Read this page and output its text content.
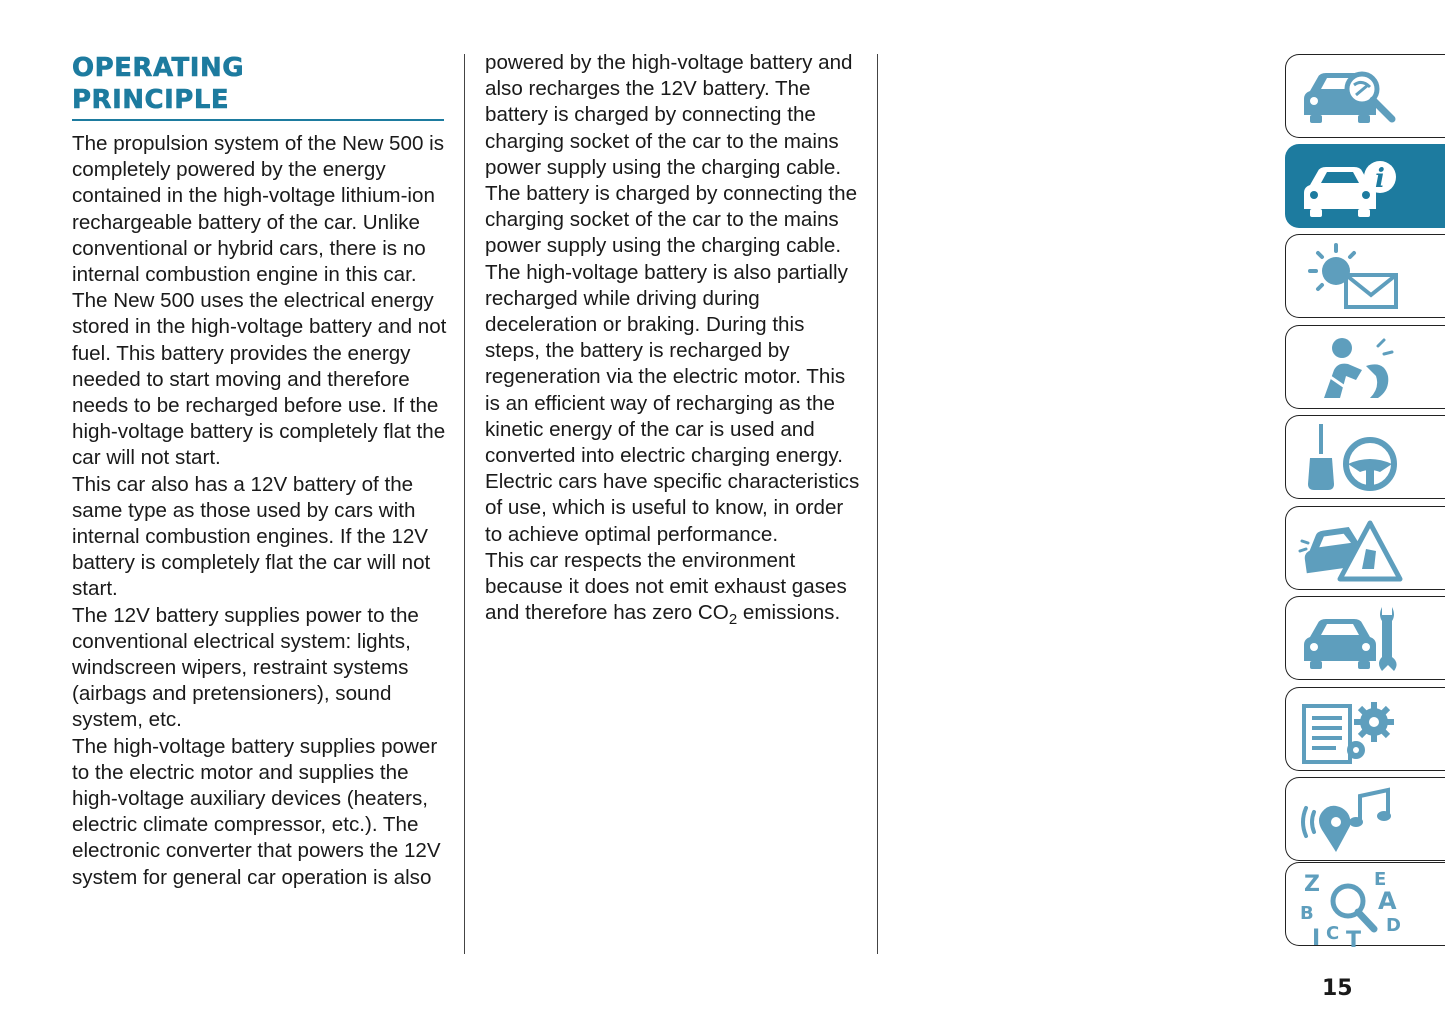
OPERATING
PRINCIPLE

The propulsion system of the New 500 is completely powered by the energy contained in the high-voltage lithium-ion rechargeable battery of the car. Unlike conventional or hybrid cars, there is no internal combustion engine in this car.

The New 500 uses the electrical energy stored in the high-voltage battery and not fuel. This battery provides the energy needed to start moving and therefore needs to be recharged before use. If the high-voltage battery is completely flat the car will not start.

This car also has a 12V battery of the same type as those used by cars with internal combustion engines. If the 12V battery is completely flat the car will not start.

The 12V battery supplies power to the conventional electrical system: lights, windscreen wipers, restraint systems (airbags and pretensioners), sound system, etc.

The high-voltage battery supplies power to the electric motor and supplies the high-voltage auxiliary devices (heaters, electric climate compressor, etc.). The electronic converter that powers the 12V system for general car operation is also

powered by the high-voltage battery and also recharges the 12V battery. The battery is charged by connecting the charging socket of the car to the mains power supply using the charging cable. The battery is charged by connecting the charging socket of the car to the mains power supply using the charging cable.

The high-voltage battery is also partially recharged while driving during deceleration or braking. During this steps, the battery is recharged by regeneration via the electric motor. This is an efficient way of recharging as the kinetic energy of the car is used and converted into electric charging energy.

Electric cars have specific characteristics of use, which is useful to know, in order to achieve optimal performance.

This car respects the environment because it does not emit exhaust gases and therefore has zero $CO_2$ emissions.

i
Z	E
A
B
D
I C T
15
